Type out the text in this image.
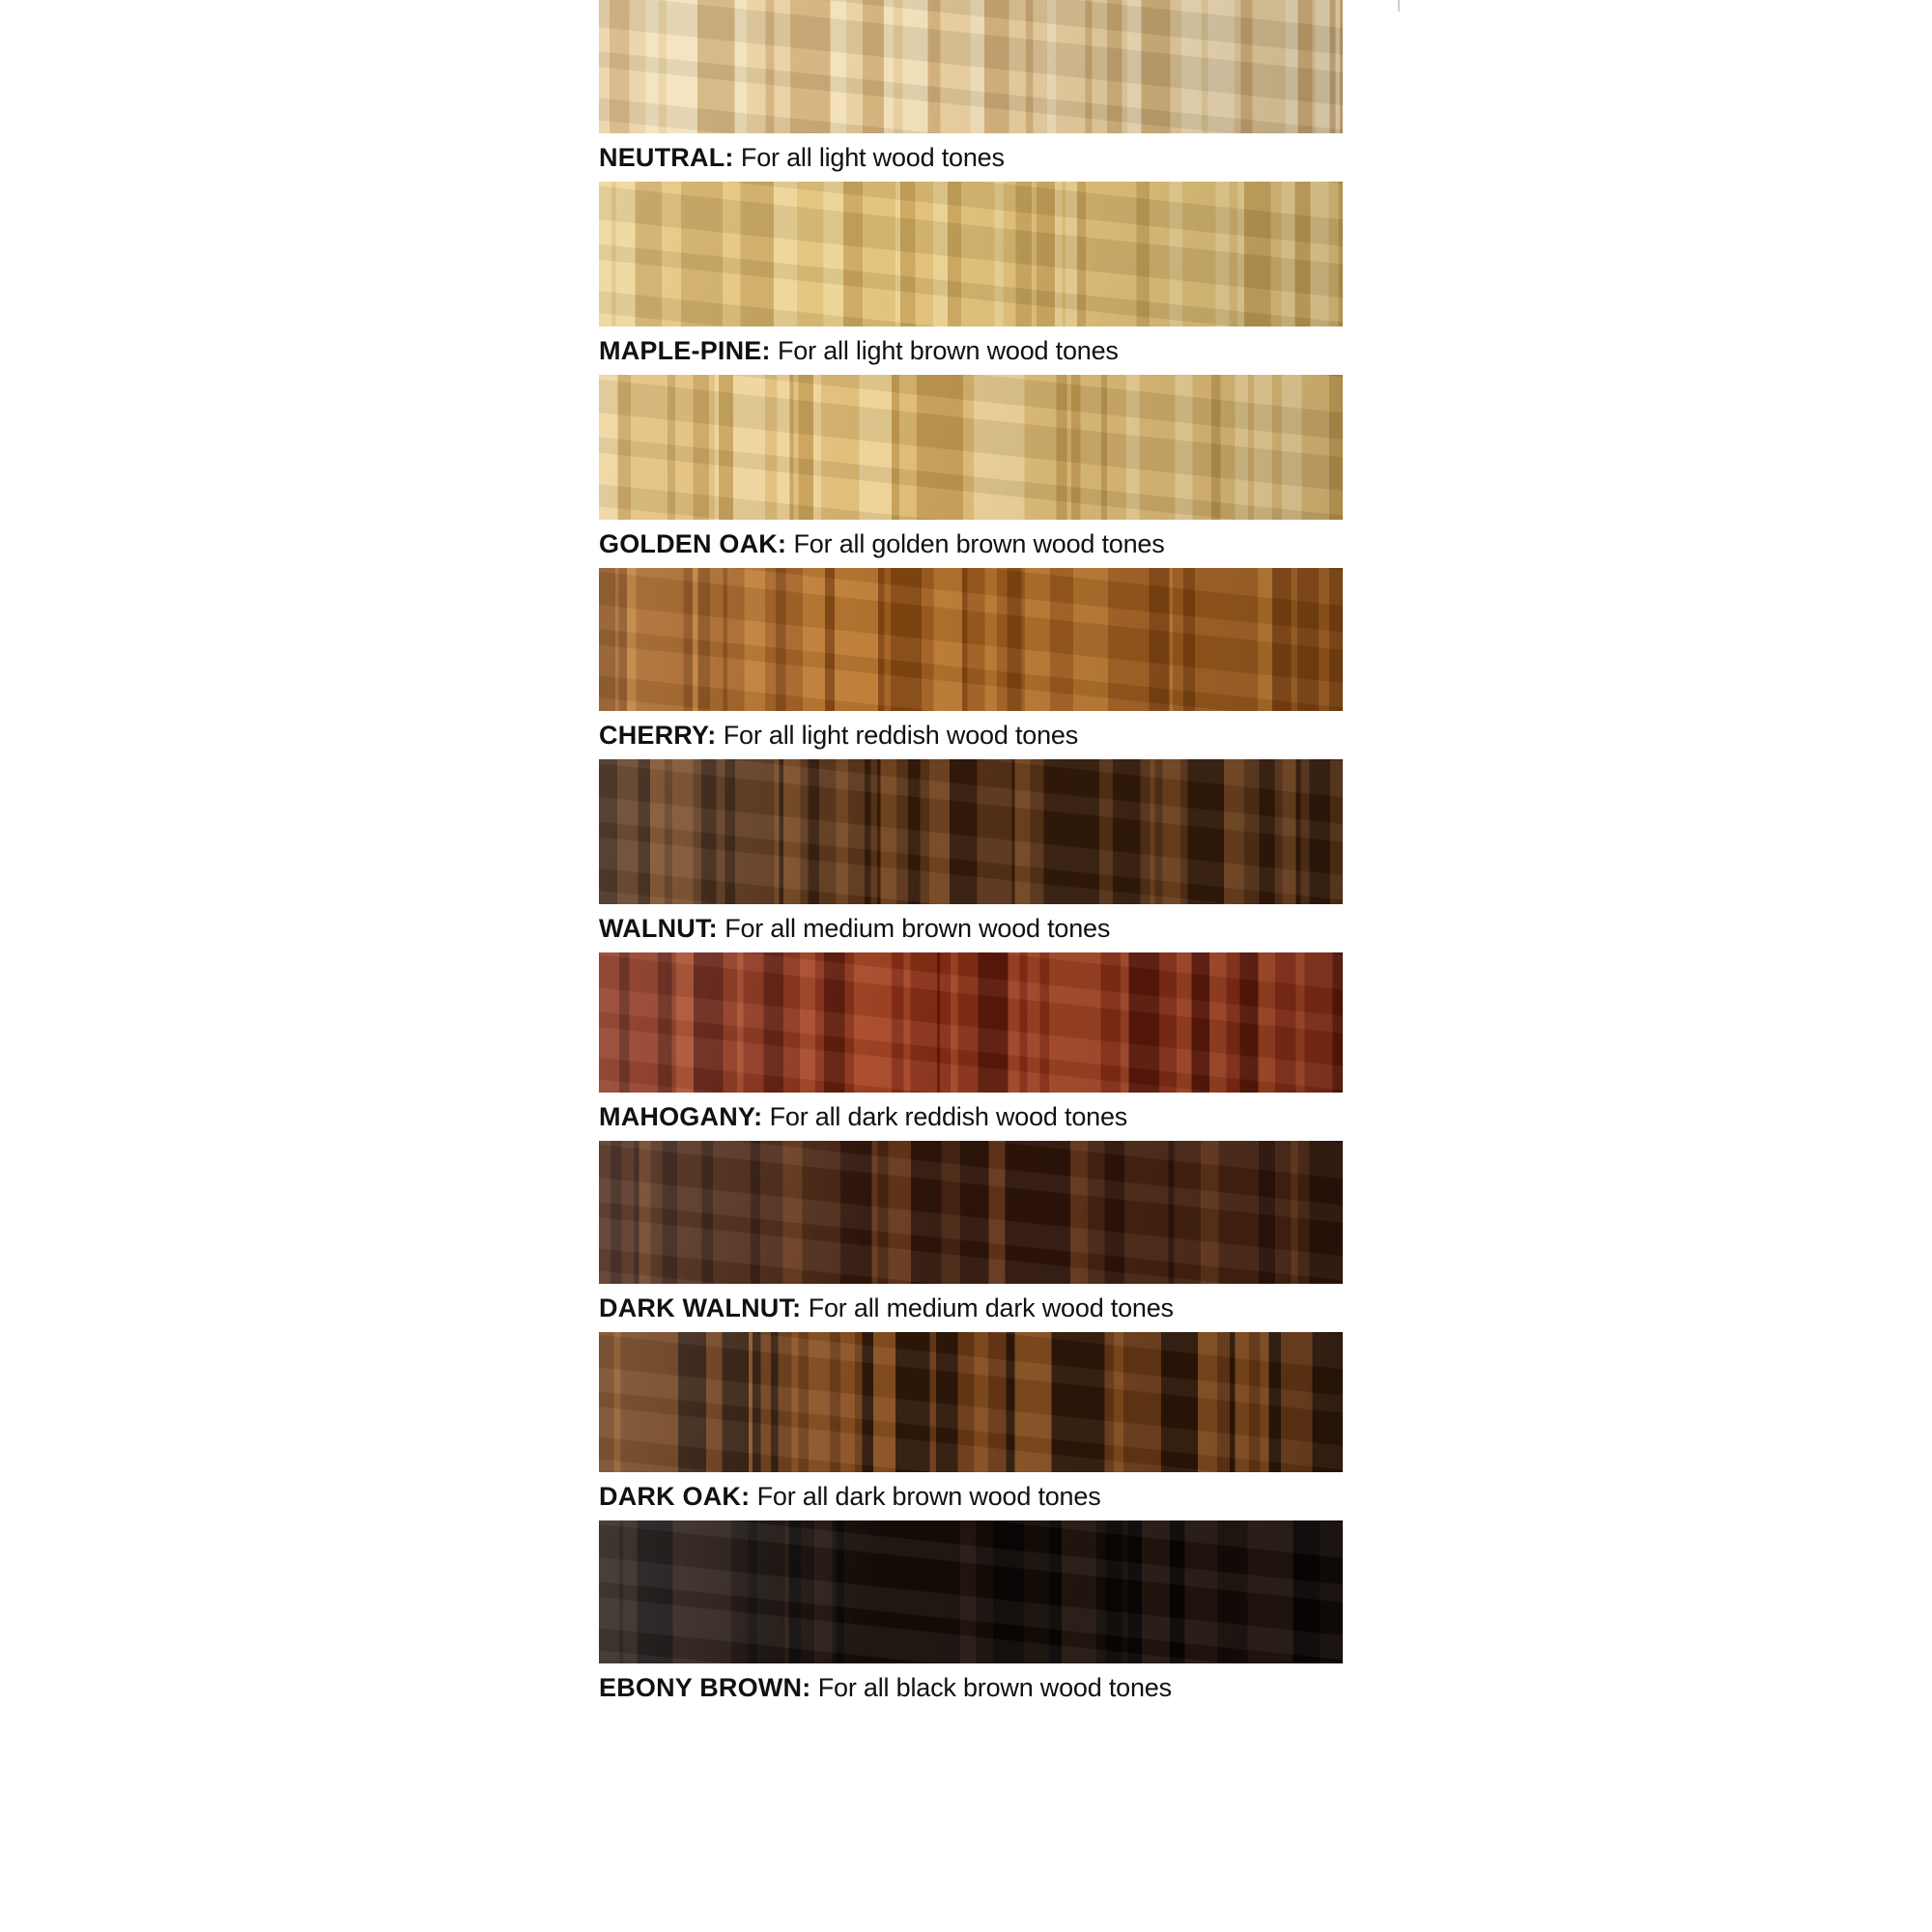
NEUTRAL: For all light wood tones
MAPLE-PINE: For all light brown wood tones
GOLDEN OAK: For all golden brown wood tones
CHERRY: For all light reddish wood tones
WALNUT: For all medium brown wood tones
MAHOGANY: For all dark reddish wood tones
DARK WALNUT: For all medium dark wood tones
DARK OAK: For all dark brown wood tones
EBONY BROWN: For all black brown wood tones
